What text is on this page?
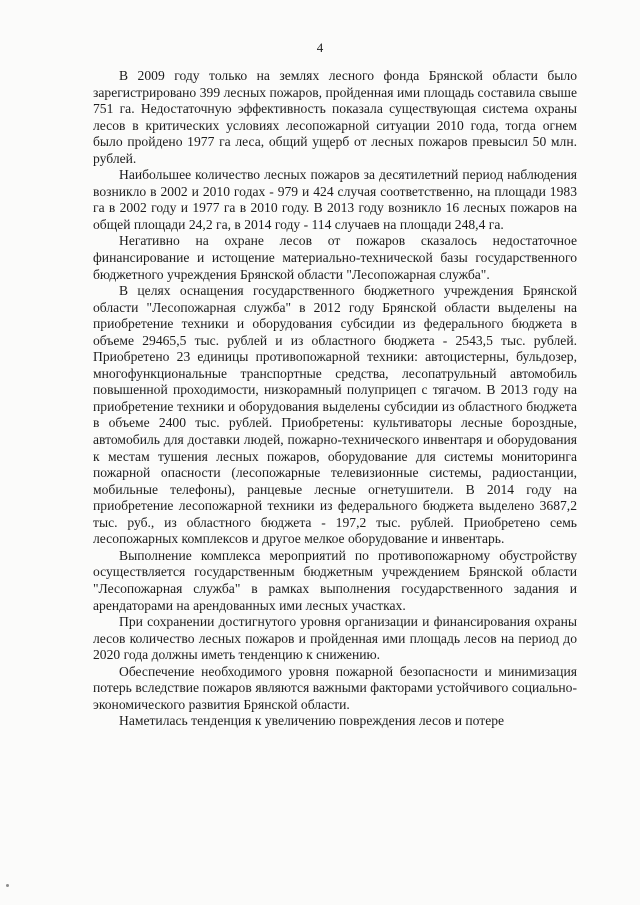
4

В 2009 году только на землях лесного фонда Брянской области было зарегистрировано 399 лесных пожаров, пройденная ими площадь составила свыше 751 га. Недостаточную эффективность показала существующая система охраны лесов в критических условиях лесопожарной ситуации 2010 года, тогда огнем было пройдено 1977 га леса, общий ущерб от лесных пожаров превысил 50 млн. рублей.

Наибольшее количество лесных пожаров за десятилетний период наблюдения возникло в 2002 и 2010 годах - 979 и 424 случая соответственно, на площади 1983 га в 2002 году и 1977 га в 2010 году. В 2013 году возникло 16 лесных пожаров на общей площади 24,2 га, в 2014 году - 114 случаев на площади 248,4 га.

Негативно на охране лесов от пожаров сказалось недостаточное финансирование и истощение материально-технической базы государственного бюджетного учреждения Брянской области "Лесопожарная служба".

В целях оснащения государственного бюджетного учреждения Брянской области "Лесопожарная служба" в 2012 году Брянской области выделены на приобретение техники и оборудования субсидии из федерального бюджета в объеме 29465,5 тыс. рублей и из областного бюджета - 2543,5 тыс. рублей. Приобретено 23 единицы противопожарной техники: автоцистерны, бульдозер, многофункциональные транспортные средства, лесопатрульный автомобиль повышенной проходимости, низкорамный полуприцеп с тягачом. В 2013 году на приобретение техники и оборудования выделены субсидии из областного бюджета в объеме 2400 тыс. рублей. Приобретены: культиваторы лесные бороздные, автомобиль для доставки людей, пожарно-технического инвентаря и оборудования к местам тушения лесных пожаров, оборудование для системы мониторинга пожарной опасности (лесопожарные телевизионные системы, радиостанции, мобильные телефоны), ранцевые лесные огнетушители. В 2014 году на приобретение лесопожарной техники из федерального бюджета выделено 3687,2 тыс. руб., из областного бюджета - 197,2 тыс. рублей. Приобретено семь лесопожарных комплексов и другое мелкое оборудование и инвентарь.

Выполнение комплекса мероприятий по противопожарному обустройству осуществляется государственным бюджетным учреждением Брянской области "Лесопожарная служба" в рамках выполнения государственного задания и арендаторами на арендованных ими лесных участках.

При сохранении достигнутого уровня организации и финансирования охраны лесов количество лесных пожаров и пройденная ими площадь лесов на период до 2020 года должны иметь тенденцию к снижению.

Обеспечение необходимого уровня пожарной безопасности и минимизация потерь вследствие пожаров являются важными факторами устойчивого социально-экономического развития Брянской области.

Наметилась тенденция к увеличению повреждения лесов и потере
